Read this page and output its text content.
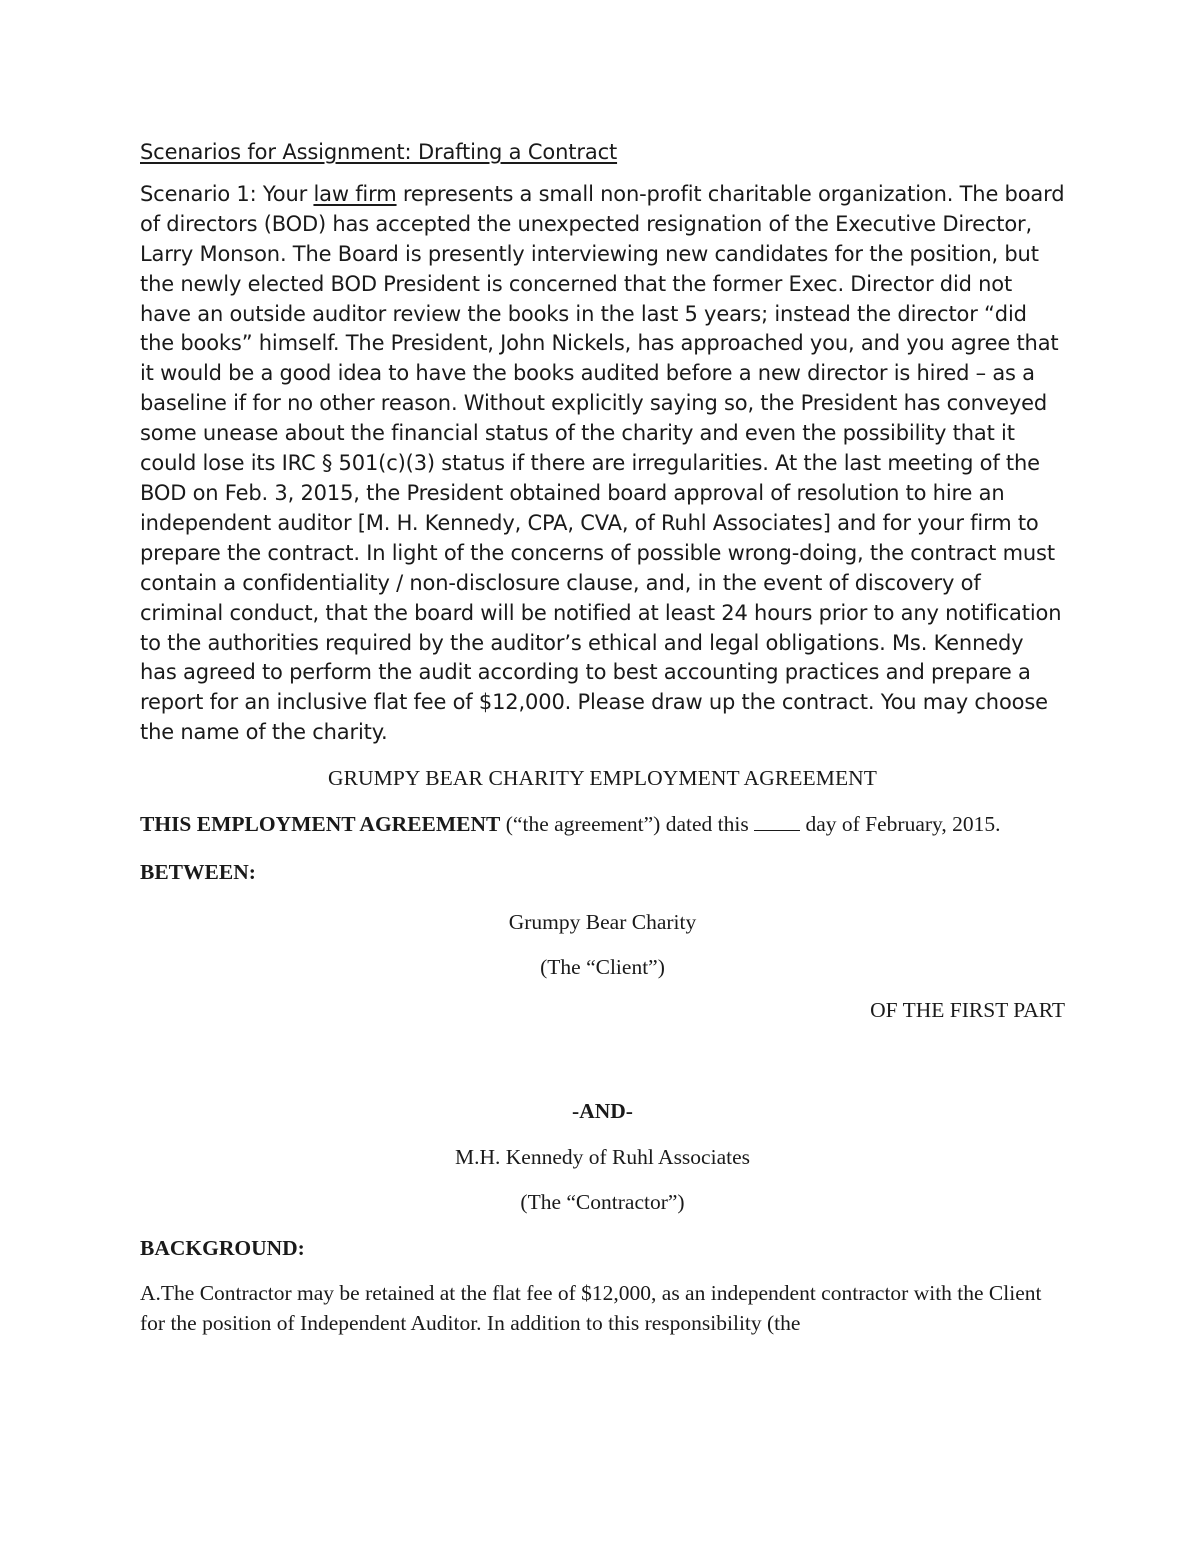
Scenarios for Assignment: Drafting a Contract

Scenario 1: Your law firm represents a small non-profit charitable organization. The board of directors (BOD) has accepted the unexpected resignation of the Executive Director, Larry Monson. The Board is presently interviewing new candidates for the position, but the newly elected BOD President is concerned that the former Exec. Director did not have an outside auditor review the books in the last 5 years; instead the director “did the books” himself. The President, John Nickels, has approached you, and you agree that it would be a good idea to have the books audited before a new director is hired – as a baseline if for no other reason. Without explicitly saying so, the President has conveyed some unease about the financial status of the charity and even the possibility that it could lose its IRC § 501(c)(3) status if there are irregularities. At the last meeting of the BOD on Feb. 3, 2015, the President obtained board approval of resolution to hire an independent auditor [M. H. Kennedy, CPA, CVA, of Ruhl Associates] and for your firm to prepare the contract. In light of the concerns of possible wrong-doing, the contract must contain a confidentiality / non-disclosure clause, and, in the event of discovery of criminal conduct, that the board will be notified at least 24 hours prior to any notification to the authorities required by the auditor’s ethical and legal obligations. Ms. Kennedy has agreed to perform the audit according to best accounting practices and prepare a report for an inclusive flat fee of $12,000. Please draw up the contract. You may choose the name of the charity.

GRUMPY BEAR CHARITY EMPLOYMENT AGREEMENT

THIS EMPLOYMENT AGREEMENT (“the agreement”) dated this  day of February, 2015.

BETWEEN:

Grumpy Bear Charity

(The “Client”)

OF THE FIRST PART

-AND-

M.H. Kennedy of Ruhl Associates

(The “Contractor”)

BACKGROUND:

A.The Contractor may be retained at the flat fee of $12,000, as an independent contractor with the Client for the position of Independent Auditor. In addition to this responsibility (the
